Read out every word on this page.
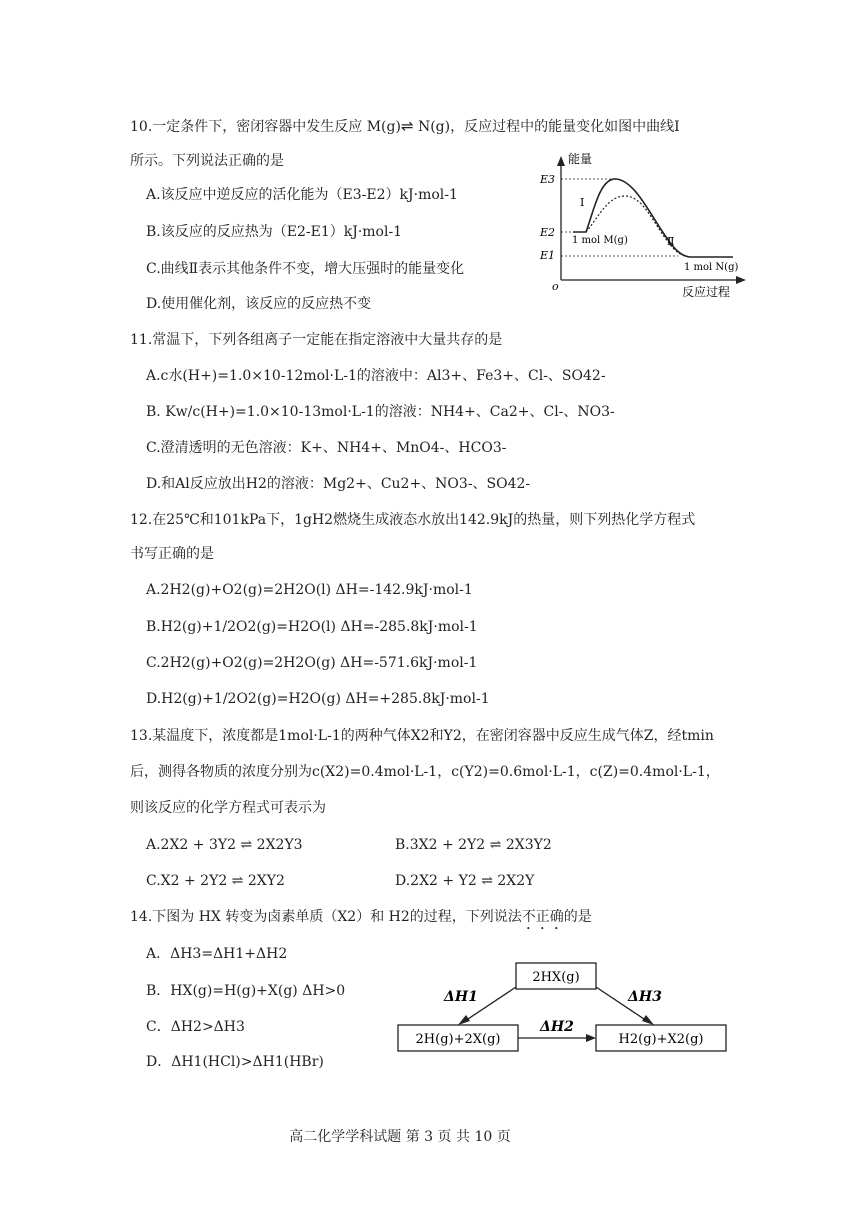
10.一定条件下，密闭容器中发生反应 M(g)⇌ N(g)，反应过程中的能量变化如图中曲线Ⅰ
所示。下列说法正确的是
A.该反应中逆反应的活化能为（E3-E2）kJ·mol-1
B.该反应的反应热为（E2-E1）kJ·mol-1
C.曲线Ⅱ表示其他条件不变，增大压强时的能量变化
D.使用催化剂，该反应的反应热不变
能量
反应过程
o
E3
E2
E1
1 mol M(g)
1 mol N(g)
Ⅰ
Ⅱ
11.常温下，下列各组离子一定能在指定溶液中大量共存的是
A.c水(H+)=1.0×10-12mol·L-1的溶液中：Al3+、Fe3+、Cl-、SO42-
B. Kw/c(H+)=1.0×10-13mol·L-1的溶液：NH4+、Ca2+、Cl-、NO3-
C.澄清透明的无色溶液：K+、NH4+、MnO4-、HCO3-
D.和Al反应放出H2的溶液：Mg2+、Cu2+、NO3-、SO42-
12.在25℃和101kPa下，1gH2燃烧生成液态水放出142.9kJ的热量，则下列热化学方程式
书写正确的是
A.2H2(g)+O2(g)=2H2O(l) ΔH=-142.9kJ·mol-1
B.H2(g)+1/2O2(g)=H2O(l) ΔH=-285.8kJ·mol-1
C.2H2(g)+O2(g)=2H2O(g) ΔH=-571.6kJ·mol-1
D.H2(g)+1/2O2(g)=H2O(g) ΔH=+285.8kJ·mol-1
13.某温度下，浓度都是1mol·L-1的两种气体X2和Y2，在密闭容器中反应生成气体Z，经tmin
后，测得各物质的浓度分别为c(X2)=0.4mol·L-1，c(Y2)=0.6mol·L-1，c(Z)=0.4mol·L-1，
则该反应的化学方程式可表示为
A.2X2 + 3Y2 ⇌ 2X2Y3	B.3X2 + 2Y2 ⇌ 2X3Y2
C.X2 + 2Y2 ⇌ 2XY2	D.2X2 + Y2 ⇌ 2X2Y
14.下图为 HX 转变为卤素单质（X2）和 H2的过程，下列说法不正确的是
A．ΔH3=ΔH1+ΔH2
B．HX(g)=H(g)+X(g) ΔH>0
C．ΔH2>ΔH3
D．ΔH1(HCl)>ΔH1(HBr)
2HX(g)
2H(g)+2X(g)	H2(g)+X2(g)
ΔH1
ΔH2
ΔH3
高二化学学科试题 第 3 页 共 10 页
